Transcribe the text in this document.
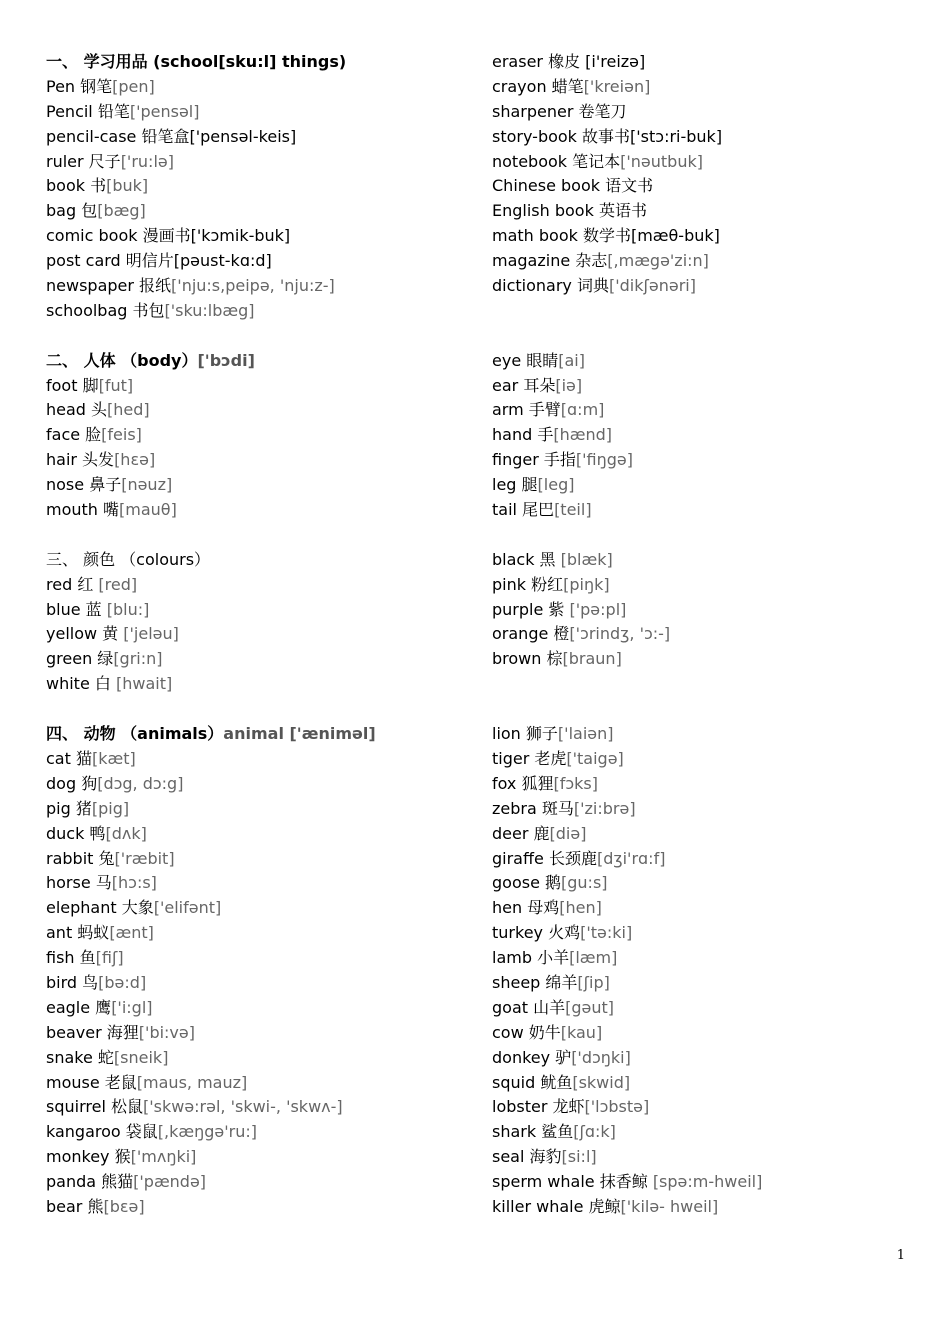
一、 学习用品 (school[sku:l] things)
Pen 钢笔[pen]
Pencil 铅笔['pensəl]
pencil-case 铅笔盒['pensəl-keis]
ruler 尺子['ru:lə]
book 书[buk]
bag 包[bæg]
comic book 漫画书['kɔmik-buk]
post card 明信片[pəust-kɑ:d]
newspaper 报纸['nju:s,peipə, 'nju:z-]
schoolbag 书包['sku:lbæg]
二、 人体 （body）['bɔdi]
foot 脚[fut]
head 头[hed]
face 脸[feis]
hair 头发[hɛə]
nose 鼻子[nəuz]
mouth 嘴[mauθ]
三、 颜色 （colours）
red 红 [red]
blue 蓝 [blu:]
yellow 黄 ['jeləu]
green 绿[gri:n]
white 白 [hwait]
四、 动物 （animals）animal ['ænimәl]
cat 猫[kæt]
dog 狗[dɔg, dɔ:g]
pig 猪[pig]
duck 鸭[dʌk]
rabbit 兔['ræbit]
horse 马[hɔ:s]
elephant 大象['elifənt]
ant 蚂蚁[ænt]
fish 鱼[fiʃ]
bird 鸟[bə:d]
eagle 鹰['i:gl]
beaver 海狸['bi:və]
snake 蛇[sneik]
mouse 老鼠[maus, mauz]
squirrel 松鼠['skwə:rəl, 'skwi-, 'skwʌ-]
kangaroo 袋鼠[,kæŋgə'ru:]
monkey 猴['mʌŋki]
panda 熊猫['pændə]
bear 熊[bɛə]
eraser 橡皮 [i'reizə]
crayon 蜡笔['kreiən]
sharpener 卷笔刀
story-book 故事书['stɔ:ri-buk]
notebook 笔记本['nəutbuk]
Chinese book 语文书
English book 英语书
math book 数学书[mæθ-buk]
magazine 杂志[,mægə'zi:n]
dictionary 词典['dikʃənəri]
eye 眼睛[ai]
ear 耳朵[iə]
arm 手臂[ɑ:m]
hand 手[hænd]
finger 手指['fiŋgə]
leg 腿[leg]
tail 尾巴[teil]
black 黑 [blæk]
pink 粉红[piŋk]
purple 紫 ['pə:pl]
orange 橙['ɔrindʒ, 'ɔ:-]
brown 棕[braun]
lion 狮子['laiən]
tiger 老虎['taigə]
fox 狐狸[fɔks]
zebra 斑马['zi:brə]
deer 鹿[diə]
giraffe 长颈鹿[dʒi'rɑ:f]
goose 鹅[gu:s]
hen 母鸡[hen]
turkey 火鸡['tə:ki]
lamb 小羊[læm]
sheep 绵羊[ʃip]
goat 山羊[gəut]
cow 奶牛[kau]
donkey 驴['dɔŋki]
squid 鱿鱼[skwid]
lobster 龙虾['lɔbstə]
shark 鲨鱼[ʃɑ:k]
seal 海豹[si:l]
sperm whale 抹香鲸 [spə:m-hweil]
killer whale 虎鲸['kilə- hweil]
1
